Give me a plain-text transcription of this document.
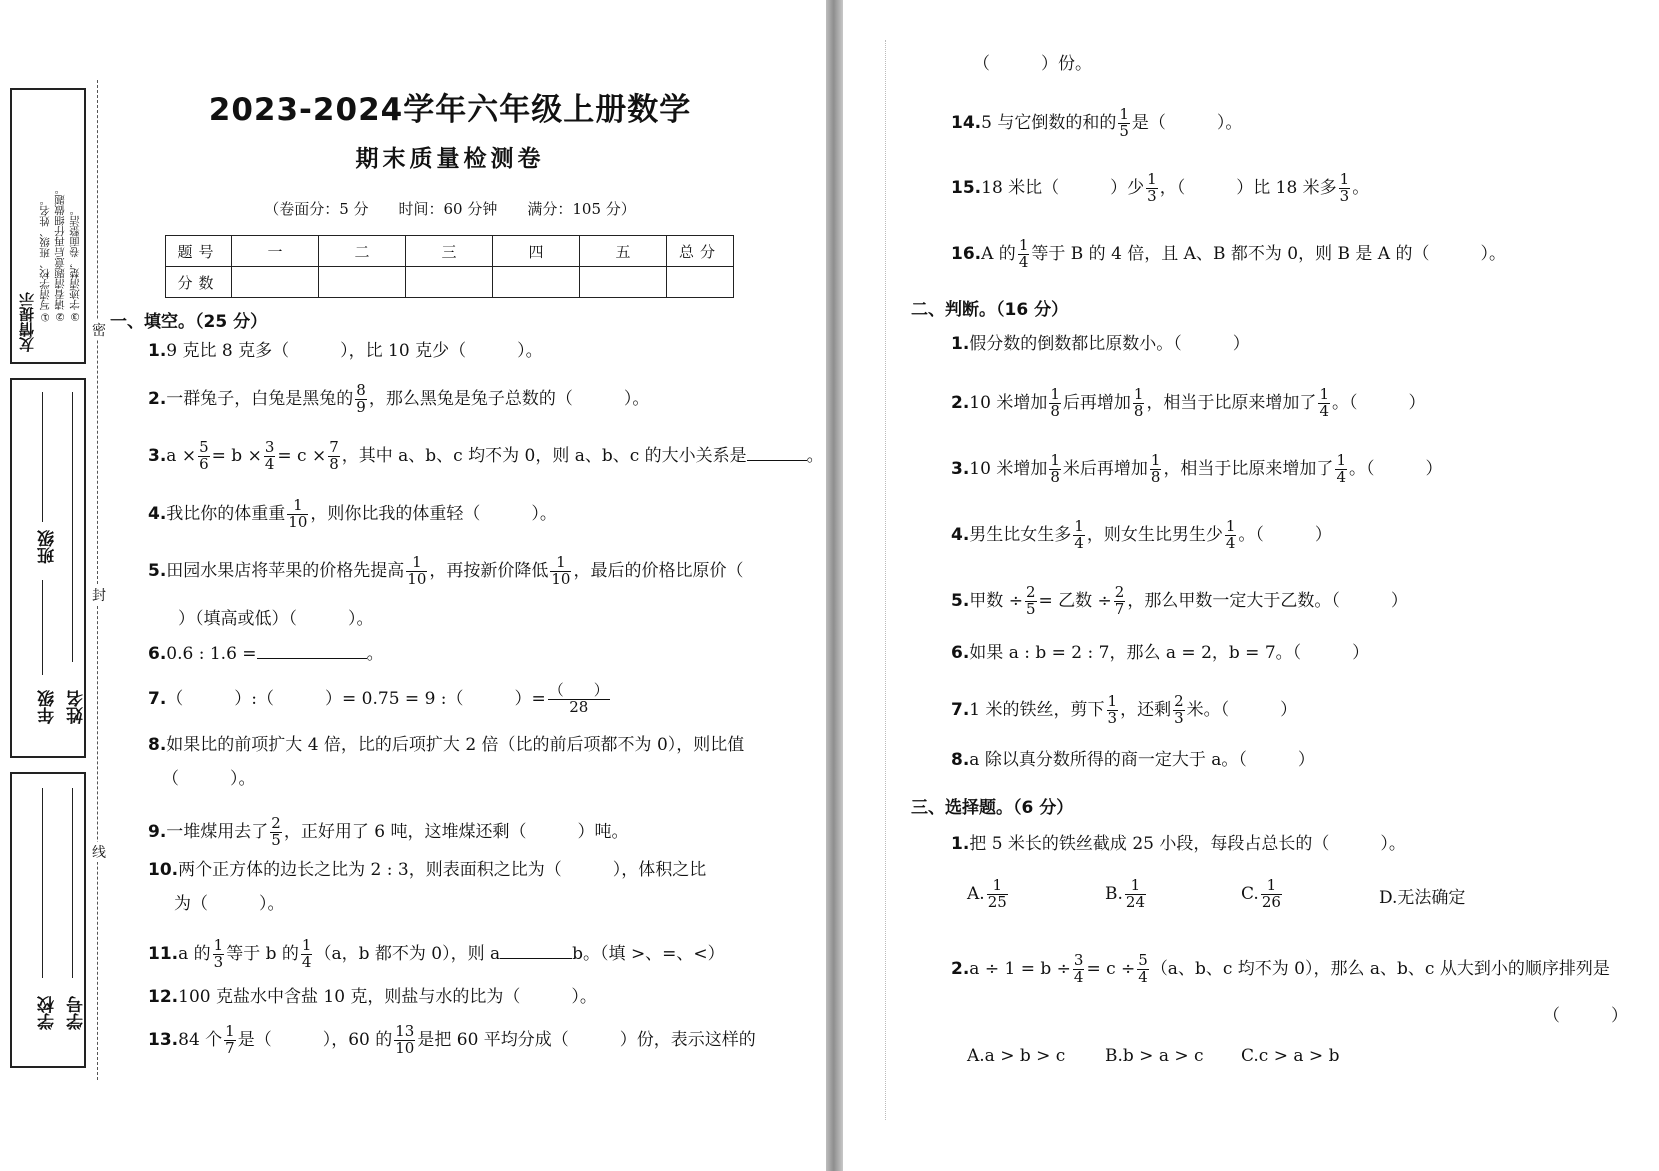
友情提示 ①写清学校、班级、姓名。 ②请看清题意后再仔细做题。 ③字迹清楚，卷面整洁。
班级
年级 姓名
学校 学号
密
封
线
2023-2024学年六年级上册数学
期末质量检测卷
（卷面分：5 分　　时间：60 分钟　　满分：105 分）
题号	一	二	三	四	五	总分
分数						
一、填空。（25 分）
1.9 克比 8 克多（　　　），比 10 克少（　　　）。
2.一群兔子，白兔是黑兔的 $\frac{8}{9}$ ，那么黑兔是兔子总数的（　　　）。
$3.a \times \frac{5}{6} = b \times \frac{3}{4} = c \times \frac{7}{8}$ ，其中 a、b、c 均不为 0，则 a、b、c 的大小关系是	。
4.我比你的体重重 $\frac{1}{10}$ ，则你比我的体重轻（　　　）。
5.田园水果店将苹果的价格先提高 $\frac{1}{10}$ ，再按新价降低 $\frac{1}{10}$ ，最后的价格比原价（
）（填高或低）（　　　）。
6.0.6 : 1.6 =	。
7.（　　　）:（　　　）= 0.75 = 9 :（　　　）= $\frac{( )}{28}$
8.如果比的前项扩大 4 倍，比的后项扩大 2 倍（比的前后项都不为 0），则比值
（　　　）。
9.一堆煤用去了 $\frac{2}{5}$ ，正好用了 6 吨，这堆煤还剩（　　　）吨。
10.两个正方体的边长之比为 2 : 3，则表面积之比为（　　　），体积之比
为（　　　）。
11.a 的 $\frac{1}{3}$ 等于 b 的 $\frac{1}{4} (a$，b 都不为 0），则 a	b。（填 >、=、<）
12.100 克盐水中含盐 10 克，则盐与水的比为（　　　）。
13.84 个 $\frac{1}{7}$ 是（　　　），60 的 $\frac{13}{10}$ 是把 60 平均分成（　　　）份，表示这样的
（　　　）份。
14.5 与它倒数的和的 $\frac{1}{5}$ 是（　　　）。
15.18 米比（　　　）少 $\frac{1}{3}$ ，（　　　）比 18 米多 $\frac{1}{3}$ 。
16.A 的 $\frac{1}{4}$ 等于 B 的 4 倍，且 A、B 都不为 0，则 B 是 A 的（　　　）。
二、判断。（16 分）
1.假分数的倒数都比原数小。（　　　）
2.10 米增加 $\frac{1}{8}$ 后再增加 $\frac{1}{8}$ ，相当于比原来增加了 $\frac{1}{4}$ 。（　　　）
3.10 米增加 $\frac{1}{8}$ 米后再增加 $\frac{1}{8}$ ，相当于比原来增加了 $\frac{1}{4}$ 。（　　　）
4.男生比女生多 $\frac{1}{4}$ ，则女生比男生少 $\frac{1}{4}$ 。（　　　）
5.甲数 ÷ $\frac{2}{5}$ = 乙数 ÷ $\frac{2}{7}$ ，那么甲数一定大于乙数。（　　　）
6.如果 a : b = 2 : 7，那么 a = 2，b = 7。（　　　）
7.1 米的铁丝，剪下 $\frac{1}{3}$ ，还剩 $\frac{2}{3}$ 米。（　　　）
8.a 除以真分数所得的商一定大于 a。（　　　）
三、选择题。（6 分）
1.把 5 米长的铁丝截成 25 小段，每段占总长的（　　　）。
A. $\frac{1}{25}$	B. $\frac{1}{24}$	C. $\frac{1}{26}$	D.无法确定
$2.a \div 1 = b \div \frac{3}{4} = c \div \frac{5}{4} (a$、b、c 均不为 0），那么 a、b、c 从大到小的顺序排列是
（　　　）
A.a > b > c B.b > a > c C.c > a > b
